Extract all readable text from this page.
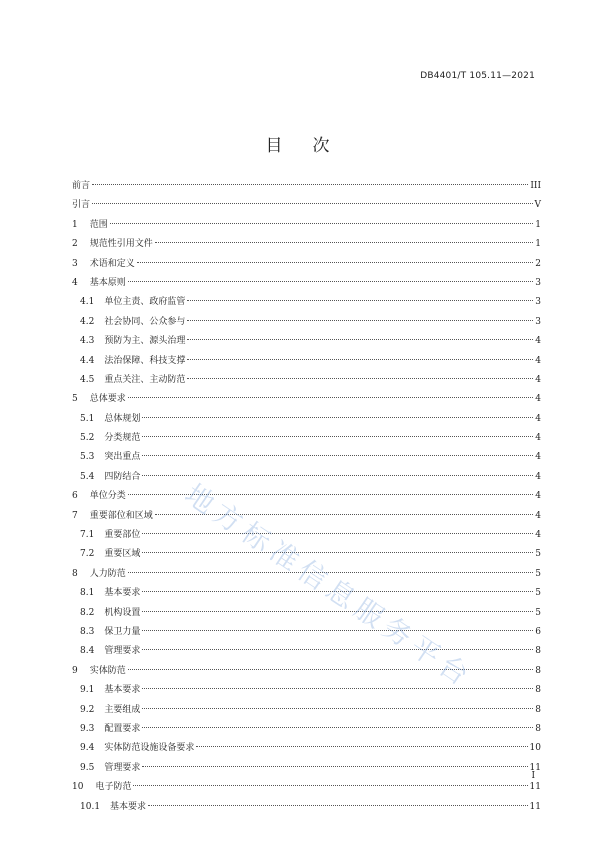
DB4401/T 105.11—2021
目 次
前言	III
引言	V
1 范围	1
2 规范性引用文件	1
3 术语和定义	2
4 基本原则	3
4.1 单位主责、政府监管	3
4.2 社会协同、公众参与	3
4.3 预防为主、源头治理	4
4.4 法治保障、科技支撑	4
4.5 重点关注、主动防范	4
5 总体要求	4
5.1 总体规划	4
5.2 分类规范	4
5.3 突出重点	4
5.4 四防结合	4
6 单位分类	4
7 重要部位和区域	4
7.1 重要部位	4
7.2 重要区域	5
8 人力防范	5
8.1 基本要求	5
8.2 机构设置	5
8.3 保卫力量	6
8.4 管理要求	8
9 实体防范	8
9.1 基本要求	8
9.2 主要组成	8
9.3 配置要求	8
9.4 实体防范设施设备要求	10
9.5 管理要求	11
10 电子防范	11
10.1 基本要求	11
地方标准信息服务平台
I
